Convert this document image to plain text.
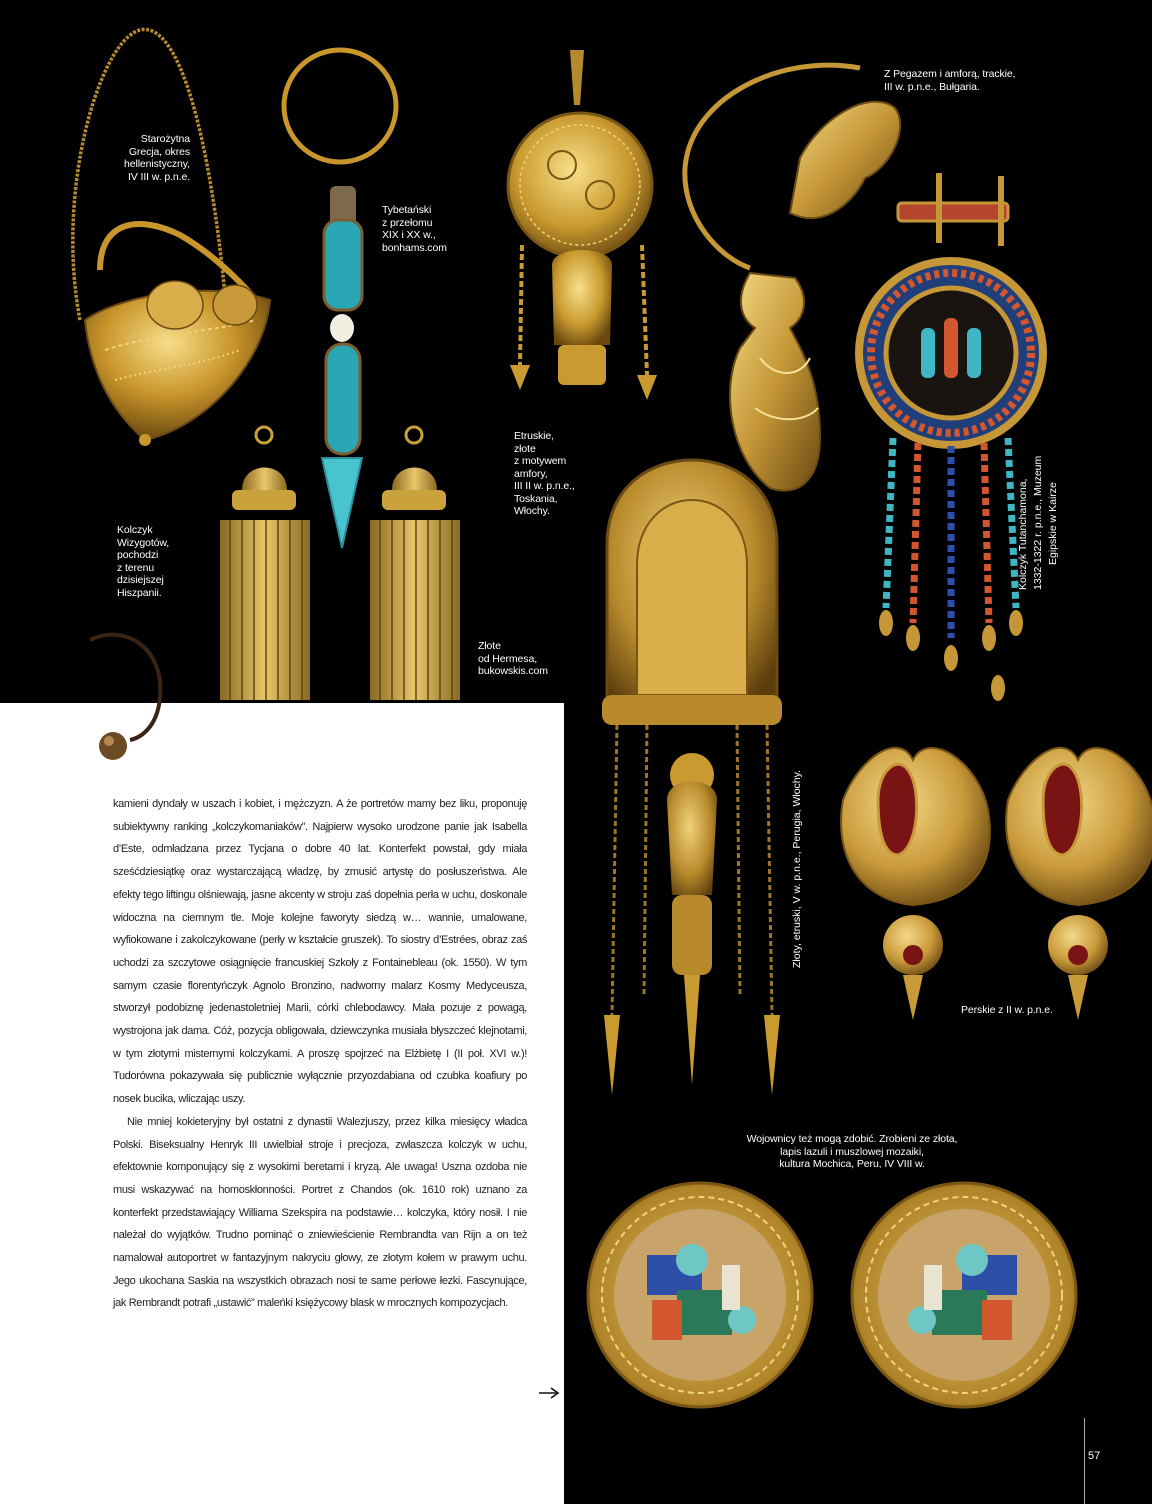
Starożytna
Grecja, okres
hellenistyczny,
IV III w. p.n.e.
Tybetański
z przełomu
XIX i XX w.,
bonhams.com
Etruskie,
złote
z motywem
amfory,
III II w. p.n.e.,
Toskania,
Włochy.
Z Pegazem i amforą, trackie,
III w. p.n.e., Bułgaria.
Kolczyk
Wizygotów,
pochodzi
z terenu
dzisiejszej
Hiszpanii.
Złote
od Hermesa,
bukowskis.com
Perskie z II w. p.n.e.
Wojownicy też mogą zdobić. Zrobieni ze złota,
lapis lazuli i muszlowej mozaiki,
kultura Mochica, Peru, IV VIII w.
Kolczyk Tutanchamona, 1332-1322 r. p.n.e., Muzeum Egipskie w Kairze
Złoty, etruski, V w. p.n.e., Perugia, Włochy.

kamieni dyndały w uszach i kobiet, i mężczyzn. A że portretów mamy bez liku, proponuję subiektywny ranking „kolczykomaniaków”. Najpierw wysoko urodzone panie jak Isabella d’Este, odmładzana przez Tycjana o dobre 40 lat. Konterfekt powstał, gdy miała sześćdziesiątkę oraz wystarczającą władzę, by zmusić artystę do posłuszeństwa. Ale efekty tego liftingu olśniewają, jasne akcenty w stroju zaś dopełnia perła w uchu, doskonale widoczna na ciemnym tle. Moje kolejne faworyty siedzą w… wannie, umalowane, wyfiokowane i zakolczykowane (perły w kształcie gruszek). To siostry d’Estrées, obraz zaś uchodzi za szczytowe osiągnięcie francuskiej Szkoły z Fontainebleau (ok. 1550). W tym samym czasie florentyńczyk Agnolo Bronzino, nadworny malarz Kosmy Medyceusza, stworzył podobiznę jedenastoletniej Marii, córki chlebodawcy. Mała pozuje z powagą, wystrojona jak dama. Cóż, pozycja obligowała, dziewczynka musiała błyszczeć klejnotami, w tym złotymi misternymi kolczykami. A proszę spojrzeć na Elżbietę I (II poł. XVI w.)! Tudorówna pokazywała się publicznie wyłącznie przyozdabiana od czubka koafiury po nosek bucika, wliczając uszy.

Nie mniej kokieteryjny był ostatni z dynastii Walezjuszy, przez kilka miesięcy władca Polski. Biseksualny Henryk III uwielbiał stroje i precjoza, zwłaszcza kolczyk w uchu, efektownie komponujący się z wysokimi beretami i kryzą. Ale uwaga! Uszna ozdoba nie musi wskazywać na homoskłonności. Portret z Chandos (ok. 1610 rok) uznano za konterfekt przedstawiający Williama Szekspira na podstawie… kolczyka, który nosił. I nie należał do wyjątków. Trudno pominąć o zniewieścienie Rembrandta van Rijn a on też namalował autoportret w fantazyjnym nakryciu głowy, ze złotym kołem w prawym uchu. Jego ukochana Saskia na wszystkich obrazach nosi te same perłowe łezki. Fascynujące, jak Rembrandt potrafi „ustawić” maleńki księżycowy blask w mrocznych kompozycjach.

57
